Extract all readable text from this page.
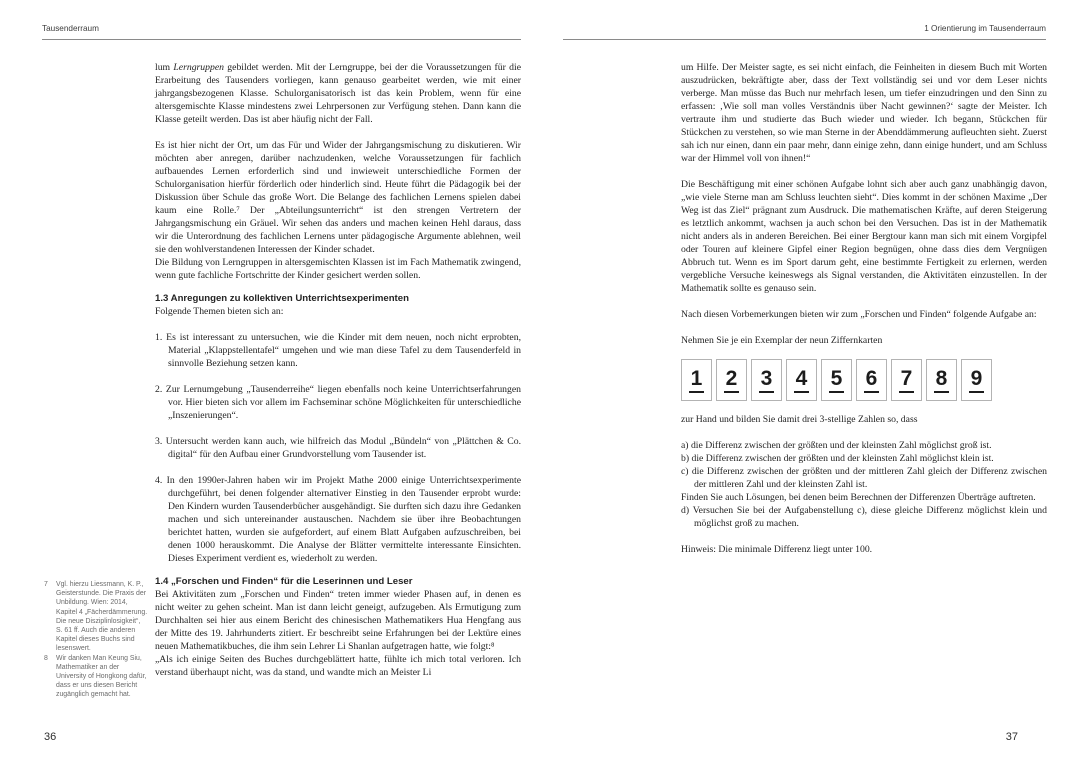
Tausenderraum	1 Orientierung im Tausenderraum

lum Lerngruppen gebildet werden. Mit der Lerngruppe, bei der die Voraussetzungen für die Erarbeitung des Tausenders vorliegen, kann genauso gearbeitet werden, wie mit einer jahrgangsbezogenen Klasse. Schulorganisatorisch ist das kein Problem, wenn für eine altersgemischte Klasse mindestens zwei Lehrpersonen zur Verfügung stehen. Dann kann die Klasse geteilt werden. Das ist aber häufig nicht der Fall.

Es ist hier nicht der Ort, um das Für und Wider der Jahrgangsmischung zu diskutieren. Wir möchten aber anregen, darüber nachzudenken, welche Voraussetzungen für fachlich aufbauendes Lernen erforderlich sind und inwieweit unterschiedliche Formen der Schulorganisation hierfür förderlich oder hinderlich sind. Heute führt die Pädagogik bei der Diskussion über Schule das große Wort. Die Belange des fachlichen Lernens spielen dabei kaum eine Rolle.⁷ Der „Abteilungsunterricht“ ist den strengen Vertretern der Jahrgangsmischung ein Gräuel. Wir sehen das anders und machen keinen Hehl daraus, dass wir die Unterordnung des fachlichen Lernens unter pädagogische Argumente ablehnen, weil sie den wohlverstandenen Interessen der Kinder schadet.

Die Bildung von Lerngruppen in altersgemischten Klassen ist im Fach Mathematik zwingend, wenn gute fachliche Fortschritte der Kinder gesichert werden sollen.

1.3 Anregungen zu kollektiven Unterrichtsexperimenten

Folgende Themen bieten sich an:

1. Es ist interessant zu untersuchen, wie die Kinder mit dem neuen, noch nicht erprobten, Material „Klappstellentafel“ umgehen und wie man diese Tafel zu dem Tausenderfeld in sinnvolle Beziehung setzen kann.

2. Zur Lernumgebung „Tausenderreihe“ liegen ebenfalls noch keine Unterrichtserfahrungen vor. Hier bieten sich vor allem im Fachseminar schöne Möglichkeiten für unterschiedliche „Inszenierungen“.

3. Untersucht werden kann auch, wie hilfreich das Modul „Bündeln“ von „Plättchen & Co. digital“ für den Aufbau einer Grundvorstellung vom Tausender ist.

4. In den 1990er-Jahren haben wir im Projekt Mathe 2000 einige Unterrichtsexperimente durchgeführt, bei denen folgender alternativer Einstieg in den Tausender erprobt wurde: Den Kindern wurden Tausenderbücher ausgehändigt. Sie durften sich dazu ihre Gedanken machen und sich untereinander austauschen. Nachdem sie über ihre Beobachtungen berichtet hatten, wurden sie aufgefordert, auf einem Blatt Aufgaben aufzuschreiben, bei denen 1000 herauskommt. Die Analyse der Blätter vermittelte interessante Einsichten. Dieses Experiment verdient es, wiederholt zu werden.

1.4 „Forschen und Finden“ für die Leserinnen und Leser

Bei Aktivitäten zum „Forschen und Finden“ treten immer wieder Phasen auf, in denen es nicht weiter zu gehen scheint. Man ist dann leicht geneigt, aufzugeben. Als Ermutigung zum Durchhalten sei hier aus einem Bericht des chinesischen Mathematikers Hua Hengfang aus der Mitte des 19. Jahrhunderts zitiert. Er beschreibt seine Erfahrungen bei der Lektüre eines neuen Mathematikbuches, die ihm sein Lehrer Li Shanlan aufgetragen hatte, wie folgt:⁸

„Als ich einige Seiten des Buches durchgeblättert hatte, fühlte ich mich total verloren. Ich verstand überhaupt nicht, was da stand, und wandte mich an Meister Li

7	Vgl. hierzu Liessmann, K. P., Geisterstunde. Die Praxis der Unbildung. Wien: 2014, Kapitel 4 „Fächerdämmerung. Die neue Disziplinlosigkeit“, S. 61 ff. Auch die anderen Kapitel dieses Buchs sind lesenswert.
8	Wir danken Man Keung Siu, Mathematiker an der University of Hongkong dafür, dass er uns diesen Bericht zugänglich gemacht hat.

um Hilfe. Der Meister sagte, es sei nicht einfach, die Feinheiten in diesem Buch mit Worten auszudrücken, bekräftigte aber, dass der Text vollständig sei und vor dem Leser nichts verberge. Man müsse das Buch nur mehrfach lesen, um tiefer einzudringen und den Sinn zu erfassen: ‚Wie soll man volles Verständnis über Nacht gewinnen?‘ sagte der Meister. Ich vertraute ihm und studierte das Buch wieder und wieder. Ich begann, Stückchen für Stückchen zu verstehen, so wie man Sterne in der Abenddämmerung aufleuchten sieht. Zuerst sah ich nur einen, dann ein paar mehr, dann einige zehn, dann einige hundert, und am Schluss war der Himmel voll von ihnen!“

Die Beschäftigung mit einer schönen Aufgabe lohnt sich aber auch ganz unabhängig davon, „wie viele Sterne man am Schluss leuchten sieht“. Dies kommt in der schönen Maxime „Der Weg ist das Ziel“ prägnant zum Ausdruck. Die mathematischen Kräfte, auf deren Steigerung es letztlich ankommt, wachsen ja auch schon bei den Versuchen. Das ist in der Mathematik nicht anders als in anderen Bereichen. Bei einer Bergtour kann man sich mit einem Vorgipfel oder Touren auf kleinere Gipfel einer Region begnügen, ohne dass dies dem Vergnügen Abbruch tut. Wenn es im Sport darum geht, eine bestimmte Fertigkeit zu erlernen, werden vergebliche Versuche keineswegs als Signal verstanden, die Aktivitäten einzustellen. In der Mathematik sollte es genauso sein.

Nach diesen Vorbemerkungen bieten wir zum „Forschen und Finden“ folgende Aufgabe an:

Nehmen Sie je ein Exemplar der neun Ziffernkarten

1 2 3 4 5 6 7 8 9

zur Hand und bilden Sie damit drei 3-stellige Zahlen so, dass

a) die Differenz zwischen der größten und der kleinsten Zahl möglichst groß ist.

b) die Differenz zwischen der größten und der kleinsten Zahl möglichst klein ist.

c) die Differenz zwischen der größten und der mittleren Zahl gleich der Differenz zwischen der mittleren Zahl und der kleinsten Zahl ist.

Finden Sie auch Lösungen, bei denen beim Berechnen der Differenzen Überträge auftreten.

d) Versuchen Sie bei der Aufgabenstellung c), diese gleiche Differenz möglichst klein und möglichst groß zu machen.

Hinweis: Die minimale Differenz liegt unter 100.

36	37
